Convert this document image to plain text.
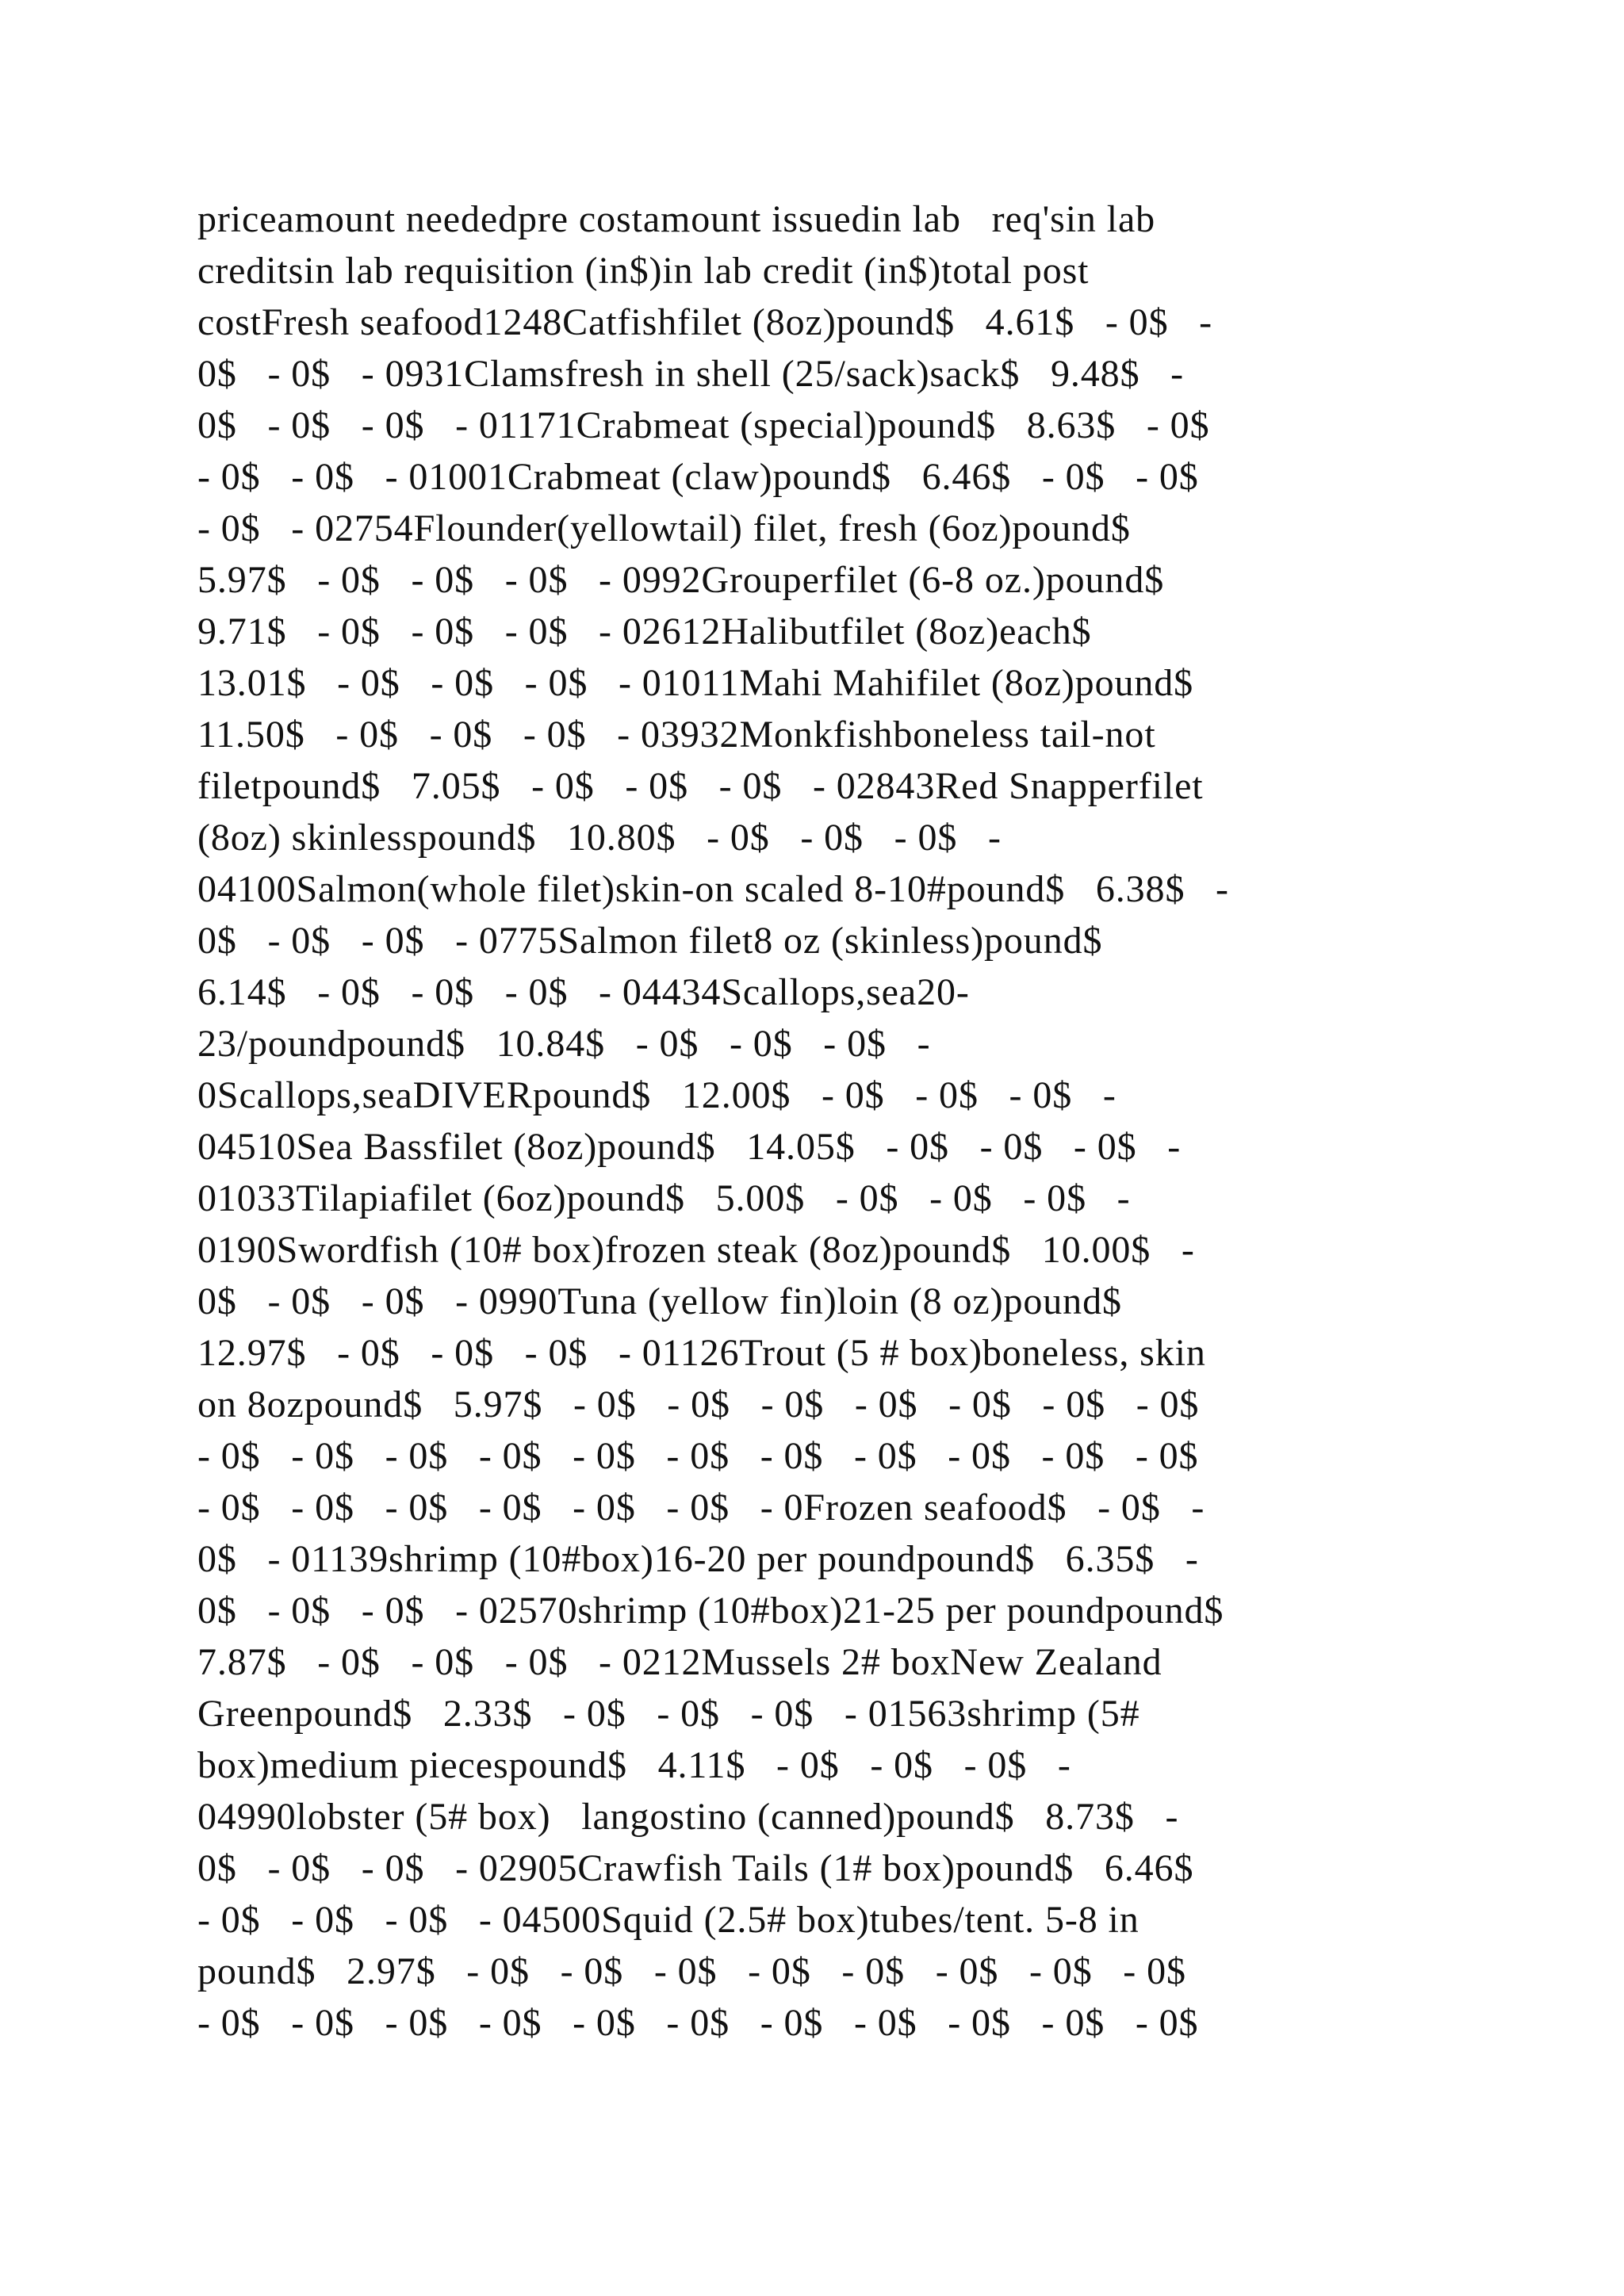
priceamount neededpre costamount issuedin lab   req'sin lab
creditsin lab requisition (in$)in lab credit (in$)total post
costFresh seafood1248Catfishfilet (8oz)pound$   4.61$   - 0$   -
0$   - 0$   - 0931Clamsfresh in shell (25/sack)sack$   9.48$   -
0$   - 0$   - 0$   - 01171Crabmeat (special)pound$   8.63$   - 0$
- 0$   - 0$   - 01001Crabmeat (claw)pound$   6.46$   - 0$   - 0$
- 0$   - 02754Flounder(yellowtail) filet, fresh (6oz)pound$
5.97$   - 0$   - 0$   - 0$   - 0992Grouperfilet (6-8 oz.)pound$
9.71$   - 0$   - 0$   - 0$   - 02612Halibutfilet (8oz)each$
13.01$   - 0$   - 0$   - 0$   - 01011Mahi Mahifilet (8oz)pound$
11.50$   - 0$   - 0$   - 0$   - 03932Monkfishboneless tail-not
filetpound$   7.05$   - 0$   - 0$   - 0$   - 02843Red Snapperfilet
(8oz) skinlesspound$   10.80$   - 0$   - 0$   - 0$   -
04100Salmon(whole filet)skin-on scaled 8-10#pound$   6.38$   -
0$   - 0$   - 0$   - 0775Salmon filet8 oz (skinless)pound$
6.14$   - 0$   - 0$   - 0$   - 04434Scallops,sea20-
23/poundpound$   10.84$   - 0$   - 0$   - 0$   -
0Scallops,seaDIVERpound$   12.00$   - 0$   - 0$   - 0$   -
04510Sea Bassfilet (8oz)pound$   14.05$   - 0$   - 0$   - 0$   -
01033Tilapiafilet (6oz)pound$   5.00$   - 0$   - 0$   - 0$   -
0190Swordfish (10# box)frozen steak (8oz)pound$   10.00$   -
0$   - 0$   - 0$   - 0990Tuna (yellow fin)loin (8 oz)pound$
12.97$   - 0$   - 0$   - 0$   - 01126Trout (5 # box)boneless, skin
on 8ozpound$   5.97$   - 0$   - 0$   - 0$   - 0$   - 0$   - 0$   - 0$
- 0$   - 0$   - 0$   - 0$   - 0$   - 0$   - 0$   - 0$   - 0$   - 0$   - 0$
- 0$   - 0$   - 0$   - 0$   - 0$   - 0$   - 0Frozen seafood$   - 0$   -
0$   - 01139shrimp (10#box)16-20 per poundpound$   6.35$   -
0$   - 0$   - 0$   - 02570shrimp (10#box)21-25 per poundpound$
7.87$   - 0$   - 0$   - 0$   - 0212Mussels 2# boxNew Zealand
Greenpound$   2.33$   - 0$   - 0$   - 0$   - 01563shrimp (5#
box)medium piecespound$   4.11$   - 0$   - 0$   - 0$   -
04990lobster (5# box)   langostino (canned)pound$   8.73$   -
0$   - 0$   - 0$   - 02905Crawfish Tails (1# box)pound$   6.46$
- 0$   - 0$   - 0$   - 04500Squid (2.5# box)tubes/tent. 5-8 in
pound$   2.97$   - 0$   - 0$   - 0$   - 0$   - 0$   - 0$   - 0$   - 0$
- 0$   - 0$   - 0$   - 0$   - 0$   - 0$   - 0$   - 0$   - 0$   - 0$   - 0$
